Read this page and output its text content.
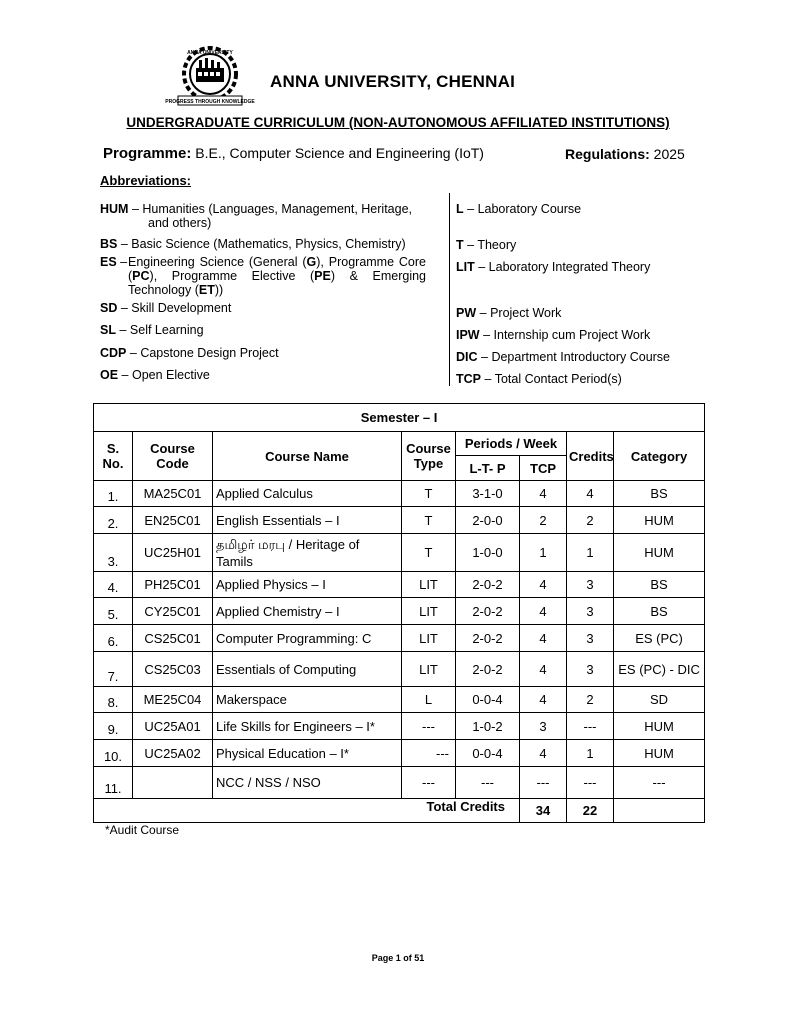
PROGRESS THROUGH KNOWLEDGE
ANNA UNIVERSITY
ANNA UNIVERSITY, CHENNAI
UNDERGRADUATE CURRICULUM (NON-AUTONOMOUS AFFILIATED INSTITUTIONS)
Programme: B.E., Computer Science and Engineering (IoT)	Regulations: 2025
Abbreviations:
HUM – Humanities (Languages, Management, Heritage,
and others)
BS – Basic Science (Mathematics, Physics, Chemistry)
ES – Engineering Science (General (G), Programme Core (PC), Programme Elective (PE) & Emerging Technology (ET))
SD – Skill Development
SL – Self Learning
CDP – Capstone Design Project
OE – Open Elective
L – Laboratory Course
T – Theory
LIT – Laboratory Integrated Theory
PW – Project Work
IPW – Internship cum Project Work
DIC – Department Introductory Course
TCP – Total Contact Period(s)
Semester – I							
S. No.	Course Code	Course Name	Course Type	Periods / Week		Credits	Category
				L-T- P	TCP		
1.	MA25C01	Applied Calculus	T	3-1-0	4	4	BS
2.	EN25C01	English Essentials – I	T	2-0-0	2	2	HUM
3.	UC25H01	தமிழர் மரபு / Heritage of Tamils	T	1-0-0	1	1	HUM
4.	PH25C01	Applied Physics – I	LIT	2-0-2	4	3	BS
5.	CY25C01	Applied Chemistry – I	LIT	2-0-2	4	3	BS
6.	CS25C01	Computer Programming: C	LIT	2-0-2	4	3	ES (PC)
7.	CS25C03	Essentials of Computing	LIT	2-0-2	4	3	ES (PC) - DIC
8.	ME25C04	Makerspace	L	0-0-4	4	2	SD
9.	UC25A01	Life Skills for Engineers – I*	---	1-0-2	3	---	HUM
10.	UC25A02	Physical Education – I*	---	0-0-4	4	1	HUM
11.		NCC / NSS / NSO	---	---	---	---	---
Total Credits					34	22	
*Audit Course
Page 1 of 51
